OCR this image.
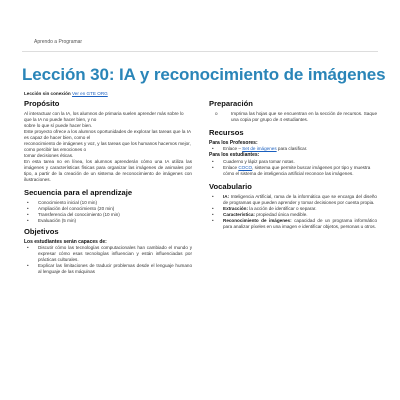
Aprendo a Programar
Lección 30: IA y reconocimiento de imágenes
Lección sin conexión Ver en GTE ORG
Propósito

Al interactuar con la IA, los alumnos de primaria suelen aprender más sobre lo que la IA no puede hacer bien, y no

sobre lo que sí puede hacer bien.

Este proyecto ofrece a los alumnos oportunidades de explorar las tareas que la IA es capaz de hacer bien, como el

reconocimiento de imágenes y voz, y las tareas que los humanos hacemos mejor, como percibir las emociones o

tomar decisiones éticas.

En esta tarea no en línea, los alumnos aprenderán cómo una IA utiliza las imágenes y características físicas para organizar las imágenes de animales por tipo, a partir de la creación de un sistema de reconocimiento de imágenes con ilustraciones.

Secuencia para el aprendizaje
• Conocimiento inicial (10 min)
• Ampliación del conocimiento (20 min)
• Transferencia del conocimiento (10 min)
• Evaluación (5 min)
Objetivos
Los estudiantes serán capaces de:
• Discutir cómo las tecnologías computacionales han cambiado el mundo y expresar cómo esas tecnologías influencian y están influenciadas por prácticas culturales.
• Explicar las limitaciones de traducir problemas desde el lenguaje humano al lenguaje de las máquinas
Preparación
o	Imprima las hojas que se encuentran en la sección de recursos. Saque una copia por grupo de 4 estudiantes.
Recursos
Para los Profesores:
• Enlace – Set de imágenes para clasificar.
Para los estudiantes:
• Cuaderno y lápiz para tomar notas.
• Enlace COCO, sistema que permite buscar imágenes por tipo y muestra cómo el sistema de inteligencia artificial reconoce las imágenes.
Vocabulario
• IA: Inteligencia Artificial, rama de la informática que se encarga del diseño de programas que pueden aprender y tomar decisiones por cuenta propia.
• Extracción: la acción de identificar o separar.
• Característica: propiedad única medible.
• Reconocimiento de imágenes: capacidad de un programa informático para analizar píxeles en una imagen e identificar objetos, personas u otros.
